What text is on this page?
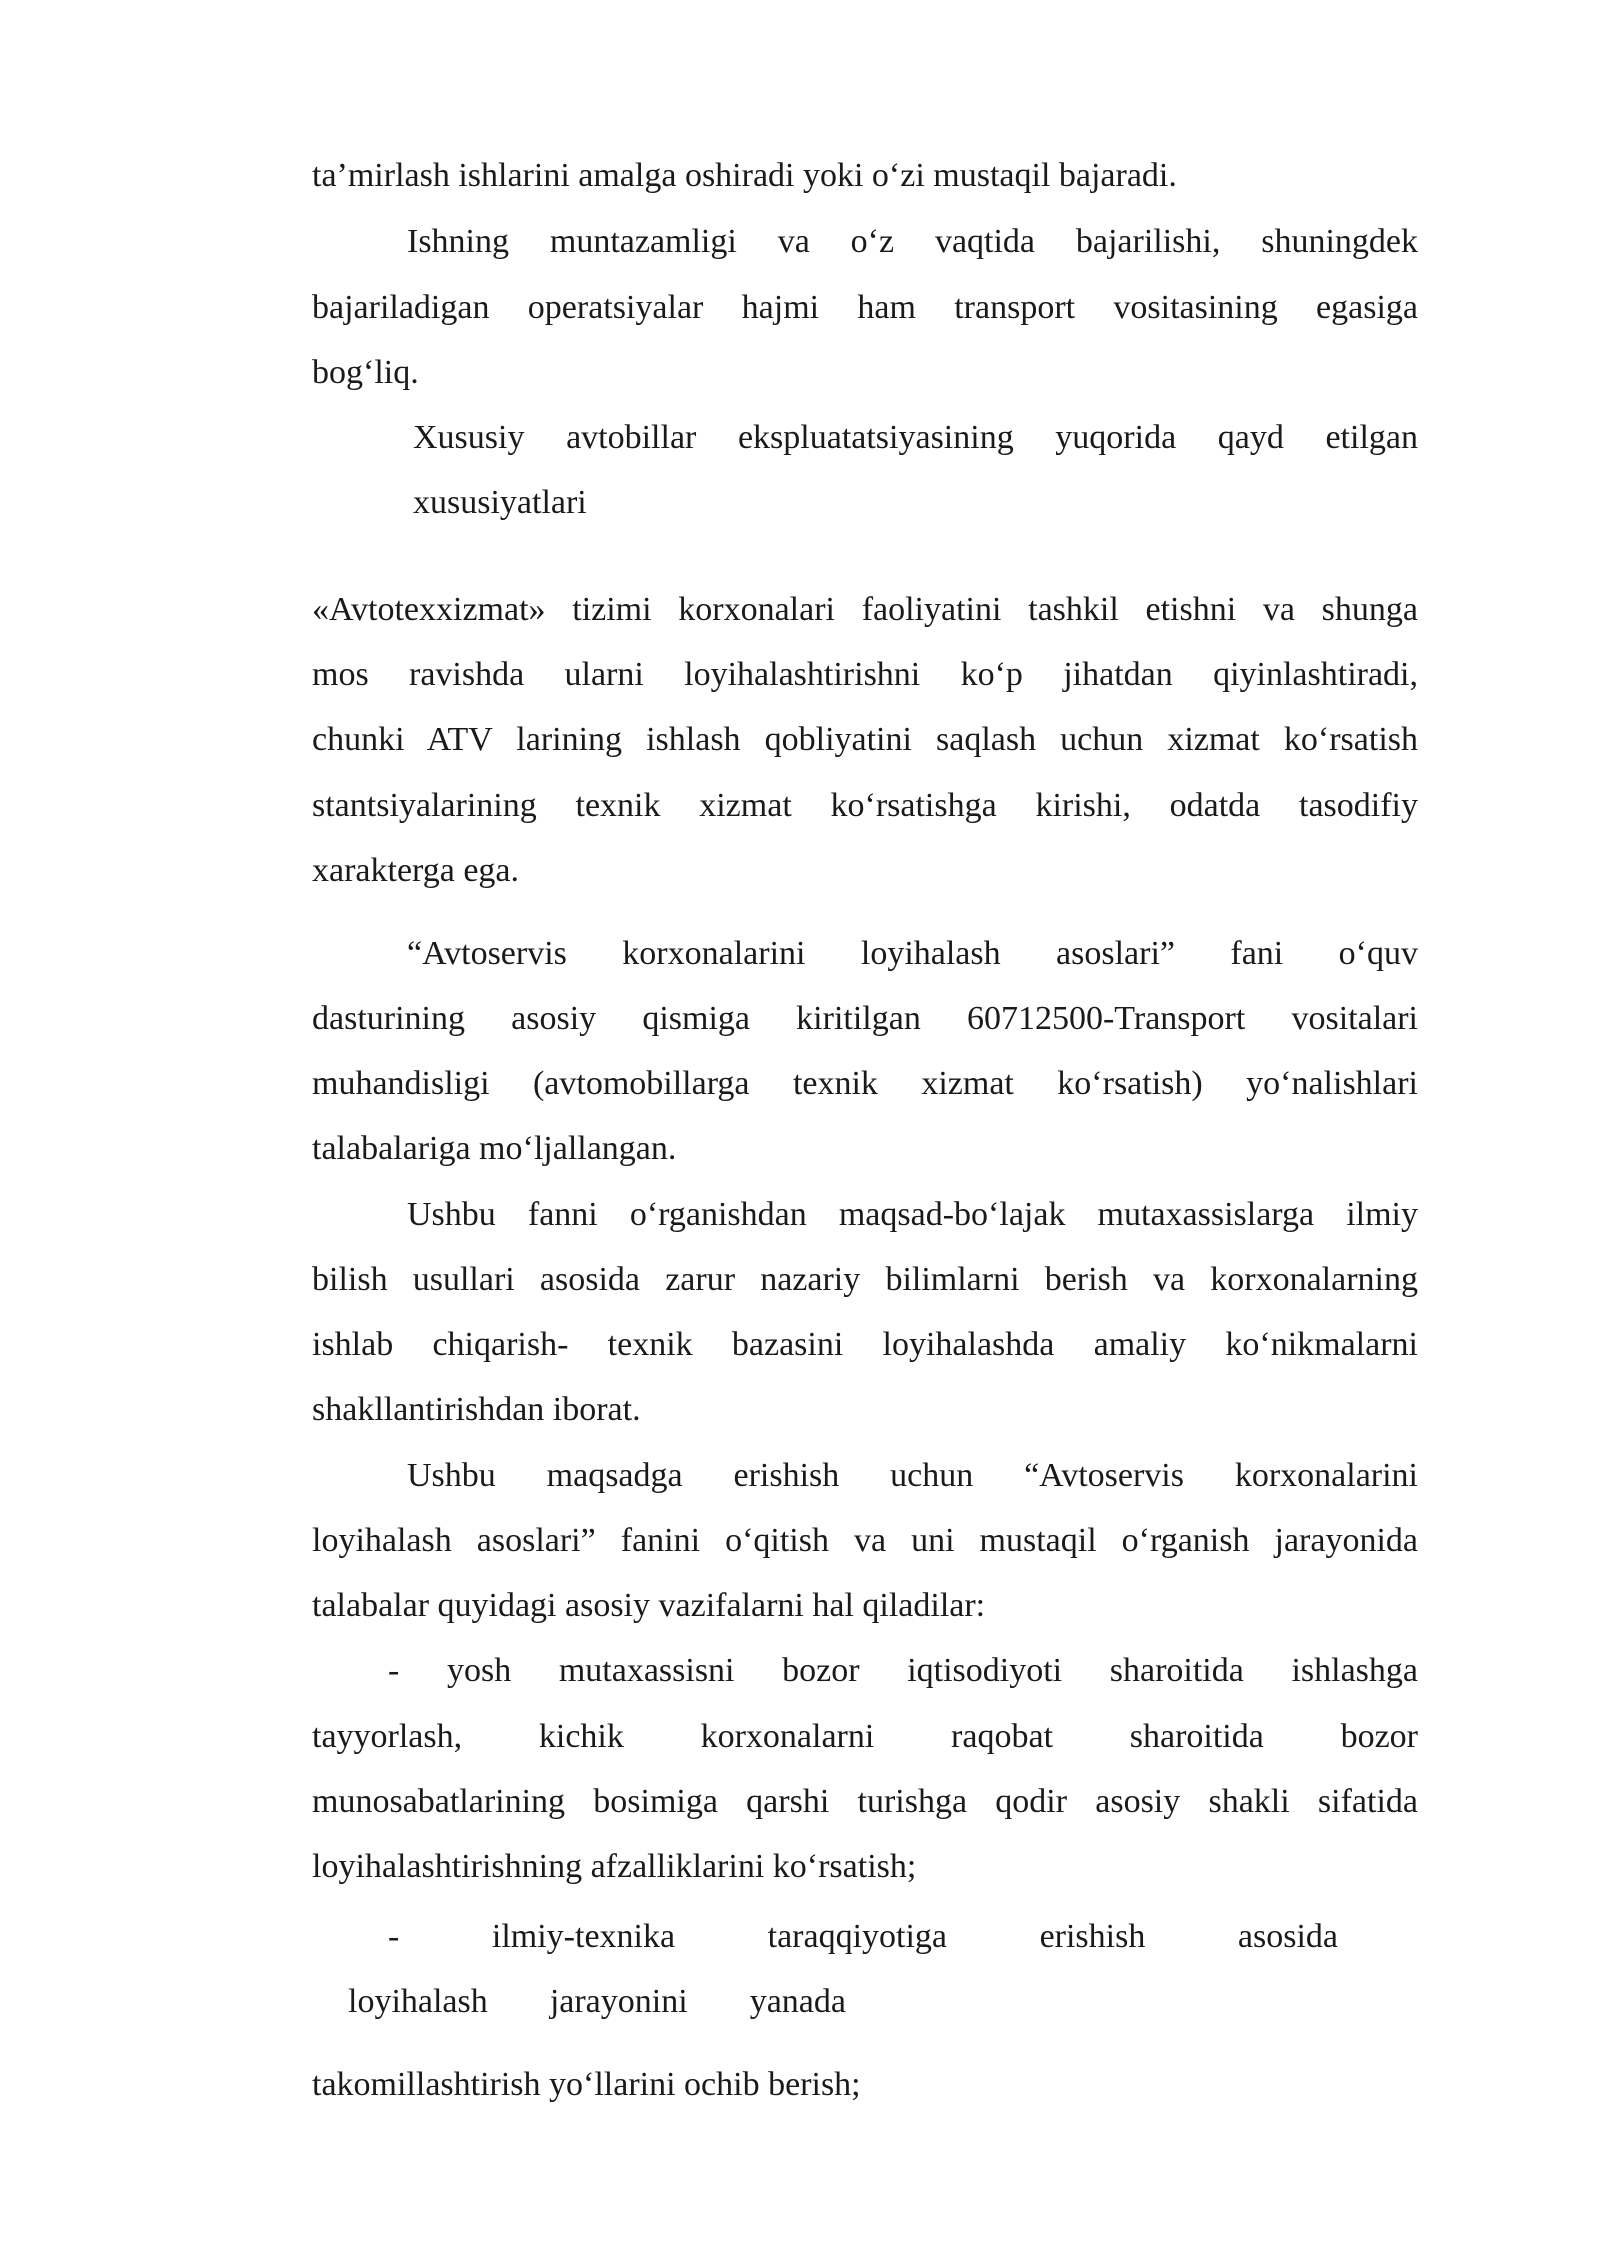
ta’mirlash ishlarini amalga oshiradi yoki o‘zi mustaqil bajaradi.

Ishning muntazamligi va o‘z vaqtida bajarilishi, shuningdek

bajariladigan operatsiyalar hajmi ham transport vositasining egasiga

bog‘liq.

Xususiy avtobillar ekspluatatsiyasining yuqorida qayd etilgan

xususiyatlari

«Avtotexxizmat» tizimi korxonalari faoliyatini tashkil etishni va shunga

mos ravishda ularni loyihalashtirishni ko‘p jihatdan qiyinlashtiradi,

chunki ATV larining ishlash qobliyatini saqlash uchun xizmat ko‘rsatish

stantsiyalarining texnik xizmat ko‘rsatishga kirishi, odatda tasodifiy

xarakterga ega.

“Avtoservis korxonalarini loyihalash asoslari” fani o‘quv

dasturining asosiy qismiga kiritilgan 60712500-Transport vositalari

muhandisligi (avtomobillarga texnik xizmat ko‘rsatish) yo‘nalishlari

talabalariga mo‘ljallangan.

Ushbu fanni o‘rganishdan maqsad-bo‘lajak mutaxassislarga ilmiy

bilish usullari asosida zarur nazariy bilimlarni berish va korxonalarning

ishlab chiqarish- texnik bazasini loyihalashda amaliy ko‘nikmalarni

shakllantirishdan iborat.

Ushbu maqsadga erishish uchun “Avtoservis korxonalarini

loyihalash asoslari” fanini o‘qitish va uni mustaqil o‘rganish jarayonida

talabalar quyidagi asosiy vazifalarni hal qiladilar:

- yosh mutaxassisni bozor iqtisodiyoti sharoitida ishlashga

tayyorlash, kichik korxonalarni raqobat sharoitida bozor

munosabatlarining bosimiga qarshi turishga qodir asosiy shakli sifatida

loyihalashtirishning afzalliklarini ko‘rsatish;

- ilmiy-texnika taraqqiyotiga erishish asosida

loyihalash jarayonini yanada

takomillashtirish yo‘llarini ochib berish;
